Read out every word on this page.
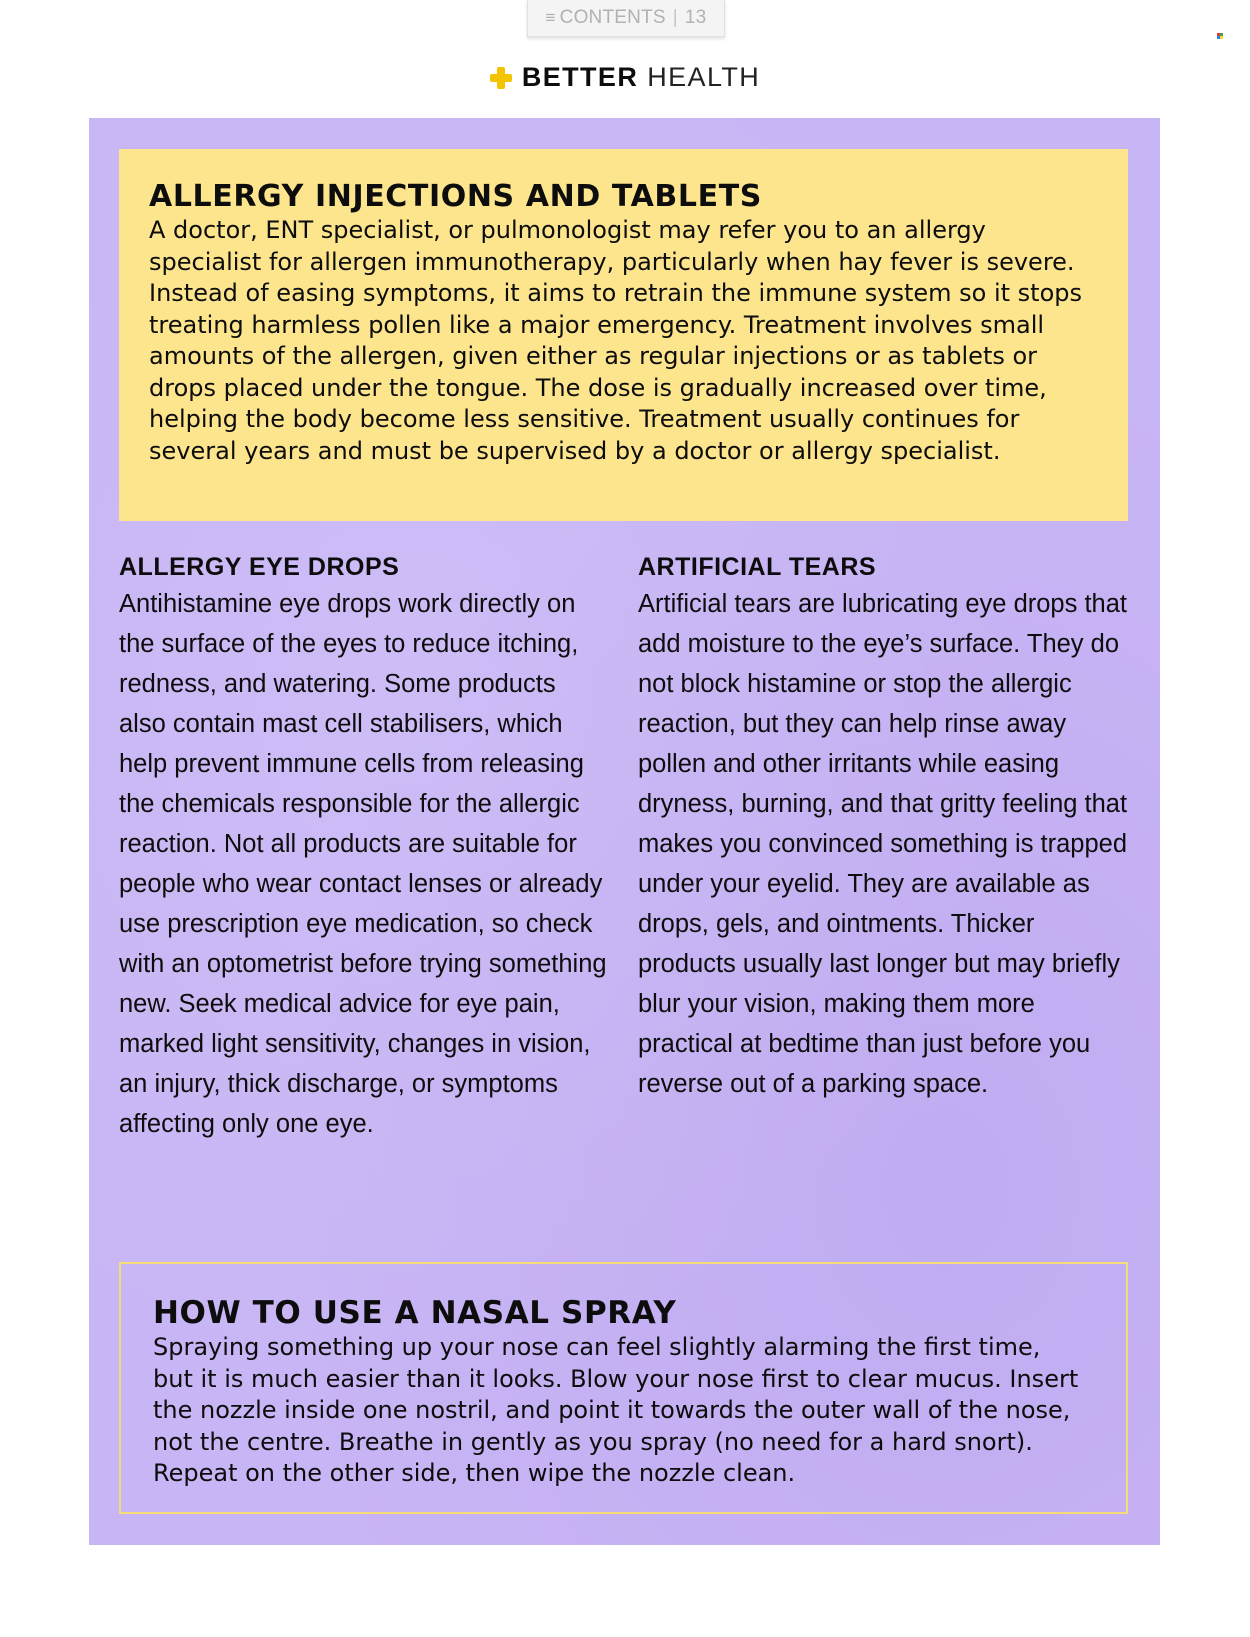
≡ CONTENTS | 13
BETTER HEALTH
ALLERGY INJECTIONS AND TABLETS

A doctor, ENT specialist, or pulmonologist may refer you to an allergy specialist for allergen immunotherapy, particularly when hay fever is severe. Instead of easing symptoms, it aims to retrain the immune system so it stops treating harmless pollen like a major emergency. Treatment involves small amounts of the allergen, given either as regular injections or as tablets or drops placed under the tongue. The dose is gradually increased over time, helping the body become less sensitive. Treatment usually continues for several years and must be supervised by a doctor or allergy specialist.

ALLERGY EYE DROPS

Antihistamine eye drops work directly on the surface of the eyes to reduce itching, redness, and watering. Some products also contain mast cell stabilisers, which help prevent immune cells from releasing the chemicals responsible for the allergic reaction. Not all products are suitable for people who wear contact lenses or already use prescription eye medication, so check with an optometrist before trying something new. Seek medical advice for eye pain, marked light sensitivity, changes in vision, an injury, thick discharge, or symptoms affecting only one eye.

ARTIFICIAL TEARS

Artificial tears are lubricating eye drops that add moisture to the eye’s surface. They do not block histamine or stop the allergic reaction, but they can help rinse away pollen and other irritants while easing dryness, burning, and that gritty feeling that makes you convinced something is trapped under your eyelid. They are available as drops, gels, and ointments. Thicker products usually last longer but may briefly blur your vision, making them more practical at bedtime than just before you reverse out of a parking space.

HOW TO USE A NASAL SPRAY

Spraying something up your nose can feel slightly alarming the first time, but it is much easier than it looks. Blow your nose first to clear mucus. Insert the nozzle inside one nostril, and point it towards the outer wall of the nose, not the centre. Breathe in gently as you spray (no need for a hard snort). Repeat on the other side, then wipe the nozzle clean.
